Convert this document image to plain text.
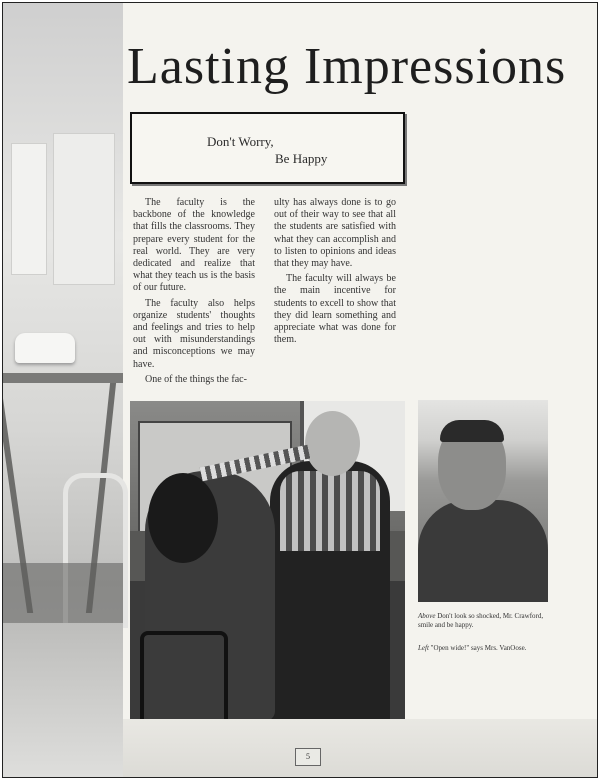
Lasting Impressions
Don't Worry,
Be Happy

The faculty is the backbone of the knowledge that fills the classrooms. They prepare every student for the real world. They are very dedicated and realize that what they teach us is the basis of our future.

The faculty also helps organize students' thoughts and feelings and tries to help out with misunderstandings and misconceptions we may have.

One of the things the fac-

ulty has always done is to go out of their way to see that all the students are satisfied with what they can accomplish and to listen to opinions and ideas that they may have.

The faculty will always be the main incentive for students to excell to show that they did learn something and appreciate what was done for them.

Above Don't look so shocked, Mr. Crawford, smile and be happy.
Left "Open wide!" says Mrs. VanOose.
5
